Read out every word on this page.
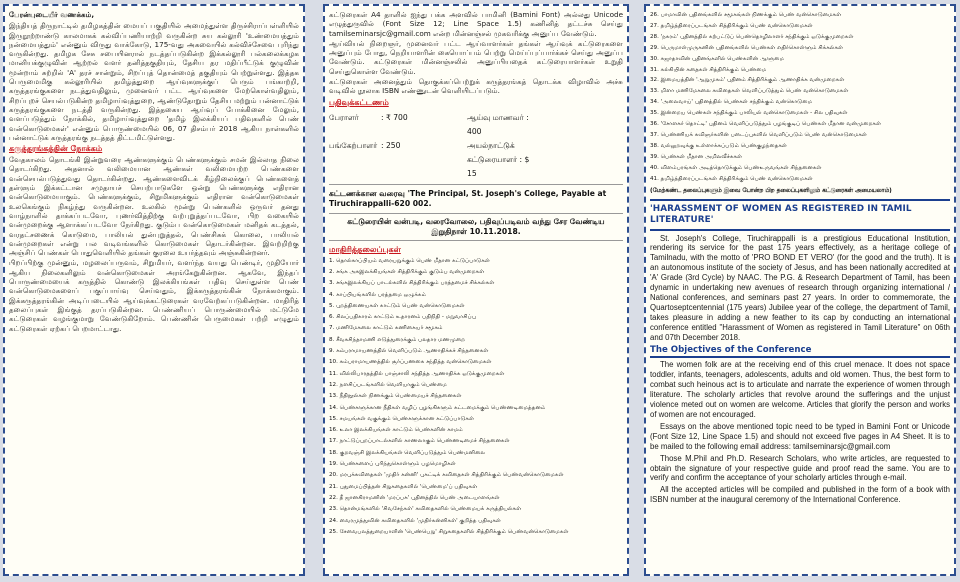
பேரன்புடையீர் வணக்கம்,

இந்தியத் திருநாட்டில் தமிழகத்தின் மையப் பகுதியில் அமைந்துள்ள திருச்சிராப்பள்ளியில் இருநூற்றாண்டு காலமாகக் கல்விப்பணியாற்றி வருகின்ற சுய கல்லூரி 'உண்மையத்தும் நன்மையத்தும்' என்னும் விருது வாக்கோடு, 175-வது அகவையில் கல்விச்சேவை புரிந்து வருகின்றது. தமிழக சேசு சபையினரால் நடத்தப்படுகின்ற இக்கல்லூரி பல்கலைக்கழக மானியக்குழுவின் ஆற்றல் வளர் தனித்தகுதியும், தேசிய தர மதிப்பீட்டுக் குழுவின் மூன்றாம் சுற்றில் 'A' தரச் சான்றும், சிறப்புத் தொன்மைத் தகுதியும் பெற்றுள்ளது. இத்தக பெருமைமிகு கல்லூரியில் தமிழ்த்துறை ஆய்வுகளுக்குப் பெரும் பங்காற்றி, கருத்தரங்குகளை நடத்துவதிலும், முனைவர் பட்ட ஆய்வுகளை மேற்கொள்வதிலும், சிறப்புறச் செயல்படுகின்ற தமிழாய்வுத்துறை, ஆண்டுதோறும் தேசிய மற்றும் பன்னாட்டுக் கருத்தரங்குகளை நடத்தி வருகின்றது. இத்தகைய ஆய்வுப் போக்கினை மேலும், வளப்படுத்தும் நோக்கில், தமிழாய்வுத்துறை 'தமிழ் இலக்கியப் பதிவுகளில் பெண் வன்கொடுமைகள்' என்னும் பொருண்மையில் 06, 07 திசம்பர் 2018 ஆகிய நாள்களில் பன்னாட்டுக் கருத்தரங்கு நடத்தத் திட்டமிட்டுள்ளது.

கருத்தரங்கத்தின் நோக்கம்

வேதகாலம் தொடங்கி இன்றுவரை ஆண்களுக்கும் பெண்களுக்கும் சமன் இல்லாத நிலை தொடர்கிறது. அதனால் வலிமையான ஆண்கள் வலிமையற்ற பெண்களை வன்செயல்படுத்துவது தொடர்கின்றது. ஆண்களைவிடக் கீழ்நிலைக்குப் பெண்களைத் தள்ளும் இக்கட்டான சமுதாயச் செயற்பாடுகளே ஒன்று பெண்களுக்கு எதிரான வன்கொடுமையாகும். பெண்களுக்கும், சிறுமிகளுக்கும் எதிரான வன்கொடுமைகள் உலகெங்கும் நிகழ்ந்து வருகின்றன. உலகில் மூன்று பெண்களில் ஒருவர் தனது வாழ்நாளில் தாக்கப்படவோ, புணர்வித்திற்கு வற்புறுத்தப்படவோ, பிற வகையில் வன்முறைக்கு ஆளாக்கப்படவோ நேர்கிறது. குடும்ப வன்கொடுமைகள் மனிதக் கடத்தல், வரதட்சணைக் கொடுமை, பாலியல் துன்புறுத்தல், பெண்சிசுக் கொலை, பாலியல் வன்முறைகள் என்று பல வடிவங்களில் கொடுமைகள் தொடர்கின்றன. இவற்றிற்கு அஞ்சிப் பெண்கள் பொதுவெளியில் தங்கள் குரலை உயர்த்தவும் அஞ்சுகின்றனர்.

பிறப்பிற்கு முன்னும், மழலைப்பருவம், சிறுமியர், வளர்ந்த வயது பெண்டிர், முதியோர் ஆகிய நிலைகளிலும் வன்கொடுமைகள் அரங்கேறுகின்றன. ஆகவே, இந்தப் பொருண்மையைக் கருத்தில் கொண்டு இலக்கியங்கள் பதிவு செய்துள்ள பெண் வன்கொடுமைகளைப் பகுப்பாய்வு செய்வதும், இக்கருத்தரங்கின் நோக்கமாகும். இக்கருத்தரங்கின் அடிப்படையில் ஆய்வுக்கட்டுரைகள் வரவேற்கப்படுகின்றன. மாதிரித் தலைப்புகள் இங்குத் தரப்படுகின்றன. பெண்ணியப் பொருண்மையில் மட்டுமே கட்டுரைகள் வழங்குமாறு வேண்டுகிறோம். பெண்ணின் பெருமைகள் பற்றி எழுதும் கட்டுரைகள் ஏற்கப் பெறமாட்டாது.

கட்டுரைகள் A4 தாளில் ஐந்து பக்க அளவில் பாமினி (Bamini Font) அல்லது Unicode எழுத்துருவில் (Font Size 12; Line Space 1.5) கணினித் தட்டச்சு செய்து tamilseminarsjc@gmail.com என்ற மின்னஞ்சல் முகவரிக்கு அனுப்ப வேண்டும்.

ஆய்வியல் நிறைஞர், முனைவர் பட்ட ஆய்வாளர்கள் தங்கள் ஆய்வுக் கட்டுரைகளை அனுப்பும் போது, நெறியாளரின் கையொப்பம் பெற்று மெய்ப்புப்பார்க்கச் செய்து அனுப்ப வேண்டும். கட்டுரைகள் மின்னஞ்சலில் அனுப்பியதைக் கட்டுரையாளர்கள் உறுதி செய்துகொள்ள வேண்டும்.

கட்டுரைகள் அனைத்தும் தொகுக்கப்பெற்றுக் கருத்தரங்கத் தொடக்க விழாவில் அச்சு வடிவில் நூலாக ISBN எண்ணுடன் வெளியிடப்படும்.

பதிவுக்கட்டணம்
பேராளர்	: ₹ 700	ஆய்வு மாணவர் : 400
பங்கேற்பாளர் : 250	அயல்நாட்டுக் கட்டுரையாளர் : $ 15
கட்டணக்கான வரைவு 'The Principal, St. Joseph's College, Payable at Tiruchirappalli-620 002.
கட்டுரையின் வன்படி, வரைவோலை, பதிவுப்படிவம் வந்து சேர வேண்டிய இறுதிநாள் 10.11.2018.
மாதிரித்தலைப்புகள்
1. தொல்காப்பியம் வரையறுக்கும் பெண் மீதான கட்டுப்பாடுகள்
2. சங்க அகஇலக்கியங்கள் சித்திரிக்கும் குடும்ப வன்முறைகள்
3. சங்கஇலக்கியப் பாடல்களில் சித்திரிக்கும் பரத்தமைச் சிக்கல்கள்
4. காப்பியங்களில் பரத்தமை ஒழுக்கம்
5. புறத்திணையகள் காட்டும் பெண் வன்கொடுமைகள்
6. சிலப்பதிகாரம் காட்டும் உதாரனம் பதிநிதி - மறுவாசிப்பு
7. மணிமேகலை காட்டும் கணிகையர் சமூகம்
8. சீவகசிந்தாமணி எடுத்துரைக்கும் பலதார மணமுறை
9. கம்பராமாயணத்தில் வெளிப்படும் ஆணாதிக்கச் சிந்தனைகள்
10. கம்பராமாயணத்தில் சூர்ப்பணகை சந்தித்த வன்கொடுமைகள்
11. வில்லிபாரதத்தில் பாஞ்சாலி சந்தித்த ஆணாதிக்க ஒடுக்குமுறைகள்
12. நளசிப்படங்களில் வெளியாகும் பெண்மை
13. நீதிநூல்கள் நிணக்கும் பெண்மையச் சிந்தனைகள்
14. பெண்களுக்கான நீதிகள் வழிப் புழங்கிகளும் கட்டமைக்கும் பெண்ணடிமைத்தனம்
15. சமயங்கள் வகுக்கும் பெண்களுக்கான கட்டுப்பாடுகள்
16. உலா இலக்கியங்கள் காட்டும் பெண்களின் காமம்
17. நாட்டுப்புறப்பாடல்களில் காணலாகும் பெண்ணடிமைச் சிந்தனைகள்
18. குறவஞ்சி இலக்கியங்கள் வெளிப்படுத்தும் பெண்மனிலை
19. பெண்களைப் புரிந்துகொள்ளும் பழமொழிகள்
20. மரபுக்கவிதைகள் 'முதிர் கன்னி' புகட்டிக் கவிதைகள் சித்திரிக்கும் பெண்வன்கொடுமைகள்
21. புதுமைப்பித்தன் சிறுகதைகளில் 'பெண்மை'ப் பதிவுகள்
22. தீ ஜானகிராமனின் 'மரப்பசு' புதினத்தில் பெண் அடையாளங்கள்
23. தொன்மங்களில் 'சிவசேந்கள்' கவிதைகளில் பெண்மையக் கருத்தியல்கள்
24. வைரமுத்துவின் கவிதைகளில் 'முதிர்கன்னிகள்' குறித்த பதிவுகள்
25. சேவைபலத்துறையாளின் 'பெண்பெறு' சிறுகதைகளில் சித்திரிக்கும் பெண்வன்கொடுமைகள்
26. பாமாவின் புதினங்களில் சமூகங்கள் நிணக்கும் பெண் வன்கொடுமைகள்
27. தமிழ்த்திரைப்படங்கள் சித்திரிக்கும் பெண் வன்கொடுமைகள்
28. 'நகரம்' புதினத்தில் கற்பட்டுப் பெண்தொழிலாளர் சந்திக்கும் ஒடுக்குமுறைகள்
29. பெருமாள்முருகனின் புதினங்களில் பெண்கள் எதிர்கொள்ளும் சிக்கல்கள்
30. சுஜாதாவின் புதினங்களில் பெண்களின் ஆளுமை
31. கல்கியின் கதைகள் சித்திரிக்கும் பெண்மை
32. இமையத்தின் 'ஆறுமுகம்' புதினம் சித்திரிக்கும் ஆணாதிக்க வன்முறைகள்
33. மிளா மணிமேகலை கவிதைகள் வெளிப்படுத்தும் பெண் வன்கொடுமைகள்
34. 'அலைவாய்' புதினத்தில் பெண்கள் சந்திக்கும் வன்கொடுமை
35. இன்றைய பெண்கள் சந்திக்கும் பாலியல் வன்கொடுமைகள் - சில பதிவுகள்
36. 'சோளகர் தொட்டி' புதினம் வெளிப்படுத்தும் பழங்குடிப் பெண்கள் மீதான வன்முறைகள்
37. பெண்ணியக் கவிஞர்களின் படைப்புகளில் வெளிப்படும் பெண் வன்கொடுமைகள்
38. வல்லுறவுக்கு உள்ளாக்கப்படும் பெண்குழந்தைகள்
39. பெண்கள் மீதான அமிலவீச்சுகள்
40. விளம்பரங்கள் அடித்தொடுக்கும் பெண்உருவங்கள் சிந்தனைகள்
41. தமிழ்த்திரைப்படங்கள் சித்திரிக்கும் பெண் வன்கொடுமைகள்
(மேற்கண்ட தலைப்புகளும் இவை போன்ற பிற தலைப்புகளிலும் கட்டுரைகள் அமையலாம்)
'HARASSMENT OF WOMEN AS REGISTERED IN TAMIL LITERATURE'

St. Joseph's College, Tiruchirappalli is a prestigious Educational Institution, rendering its service for the past 175 years effectively, as a heritage college of Tamilnadu, with the motto of 'PRO BOND ET VERO' (for the good and the truth). It is an autonomous institute of the society of Jesus, and has been nationally accredited at 'A' Grade (3rd Cycle) by NAAC. The P.G. & Research Department of Tamil, has been dynamic in undertaking new avenues of research through organizing international / National conferences, and seminars past 27 years. In order to commemorate, the Quartoseptcentennial (175 years) Jubilee year of the college, the department of Tamil, takes pleasure in adding a new feather to its cap by conducting an international conference entitled "Harassment of Women as registered in Tamil Literature" on 06th and 07th December 2018.

The Objectives of the Conference

The women folk are at the receiving end of this cruel menace. It does not space toddler, infants, teenagers, adolescents, adults and old women. Thus, the best form to combat such heinous act is to articulate and narrate the experience of women through literature. The scholarly articles that revolve around the sufferings and the unjust violence meted out on women are welcome. Articles that glorify the person and works of women are not encouraged.

Essays on the above mentioned topic need to be typed in Bamini Font or Unicode (Font Size 12, Line Space 1.5) and should not exceed five pages in A4 Sheet. It is to be mailed to the following email address: tamilseminarsjc@gmail.com

Those M.Phil and Ph.D. Research Scholars, who write articles, are requested to obtain the signature of your respective guide and proof read the same. You are to verify and confirm the acceptance of your scholarly articles through e-mail.

All the accepted articles will be compiled and published in the form of a book with ISBN number at the inaugural ceremony of the International Conference.
